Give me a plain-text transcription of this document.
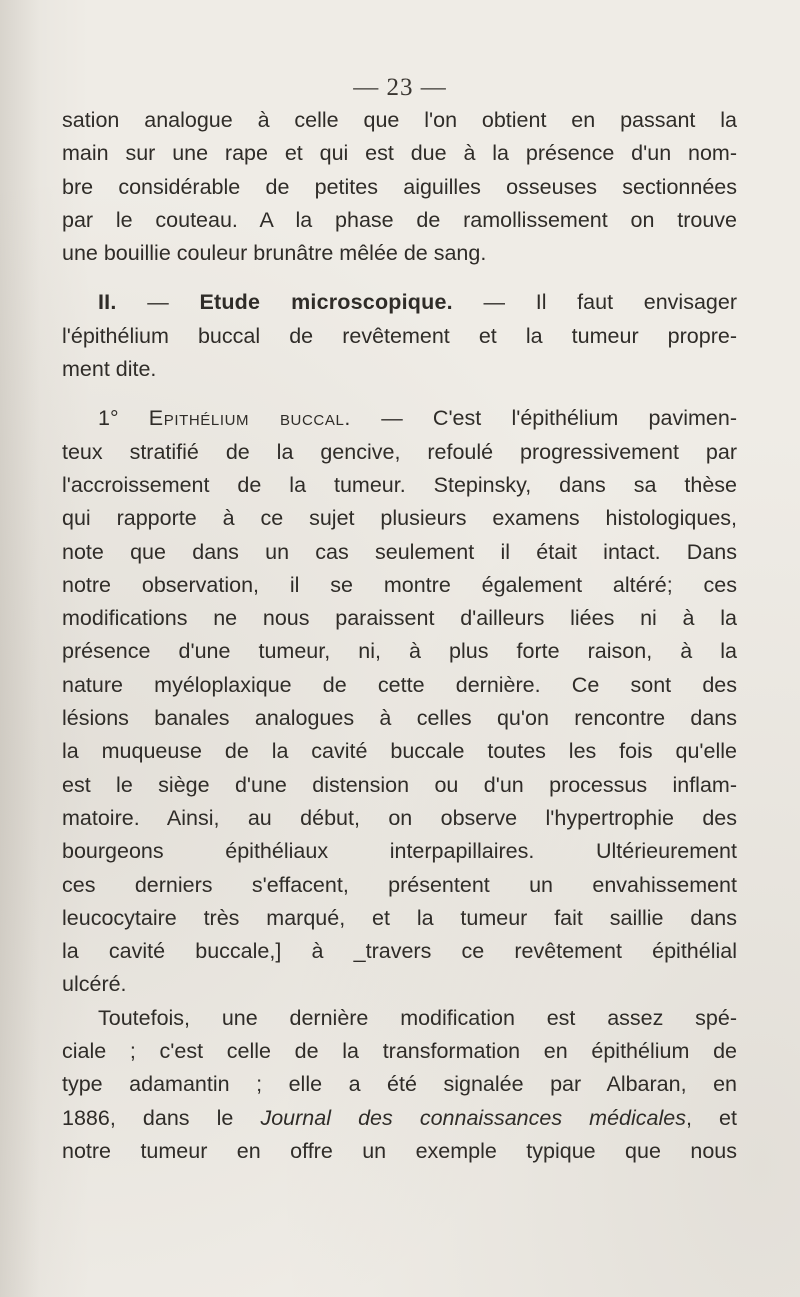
— 23 —
sation analogue à celle que l'on obtient en passant la
main sur une rape et qui est due à la présence d'un nom-
bre considérable de petites aiguilles osseuses sectionnées
par le couteau. A la phase de ramollissement on trouve
une bouillie couleur brunâtre mêlée de sang.
II. — Etude microscopique. — Il faut envisager
l'épithélium buccal de revêtement et la tumeur propre-
ment dite.
1° Epithélium buccal. — C'est l'épithélium pavimen-
teux stratifié de la gencive, refoulé progressivement par
l'accroissement de la tumeur. Stepinsky, dans sa thèse
qui rapporte à ce sujet plusieurs examens histologiques,
note que dans un cas seulement il était intact. Dans
notre observation, il se montre également altéré; ces
modifications ne nous paraissent d'ailleurs liées ni à la
présence d'une tumeur, ni, à plus forte raison, à la
nature myéloplaxique de cette dernière. Ce sont des
lésions banales analogues à celles qu'on rencontre dans
la muqueuse de la cavité buccale toutes les fois qu'elle
est le siège d'une distension ou d'un processus inflam-
matoire. Ainsi, au début, on observe l'hypertrophie des
bourgeons épithéliaux interpapillaires. Ultérieurement
ces derniers s'effacent, présentent un envahissement
leucocytaire très marqué, et la tumeur fait saillie dans
la cavité buccale,] à _travers ce revêtement épithélial
ulcéré.
Toutefois, une dernière modification est assez spé-
ciale ; c'est celle de la transformation en épithélium de
type adamantin ; elle a été signalée par Albaran, en
1886, dans le Journal des connaissances médicales, et
notre tumeur en offre un exemple typique que nous
